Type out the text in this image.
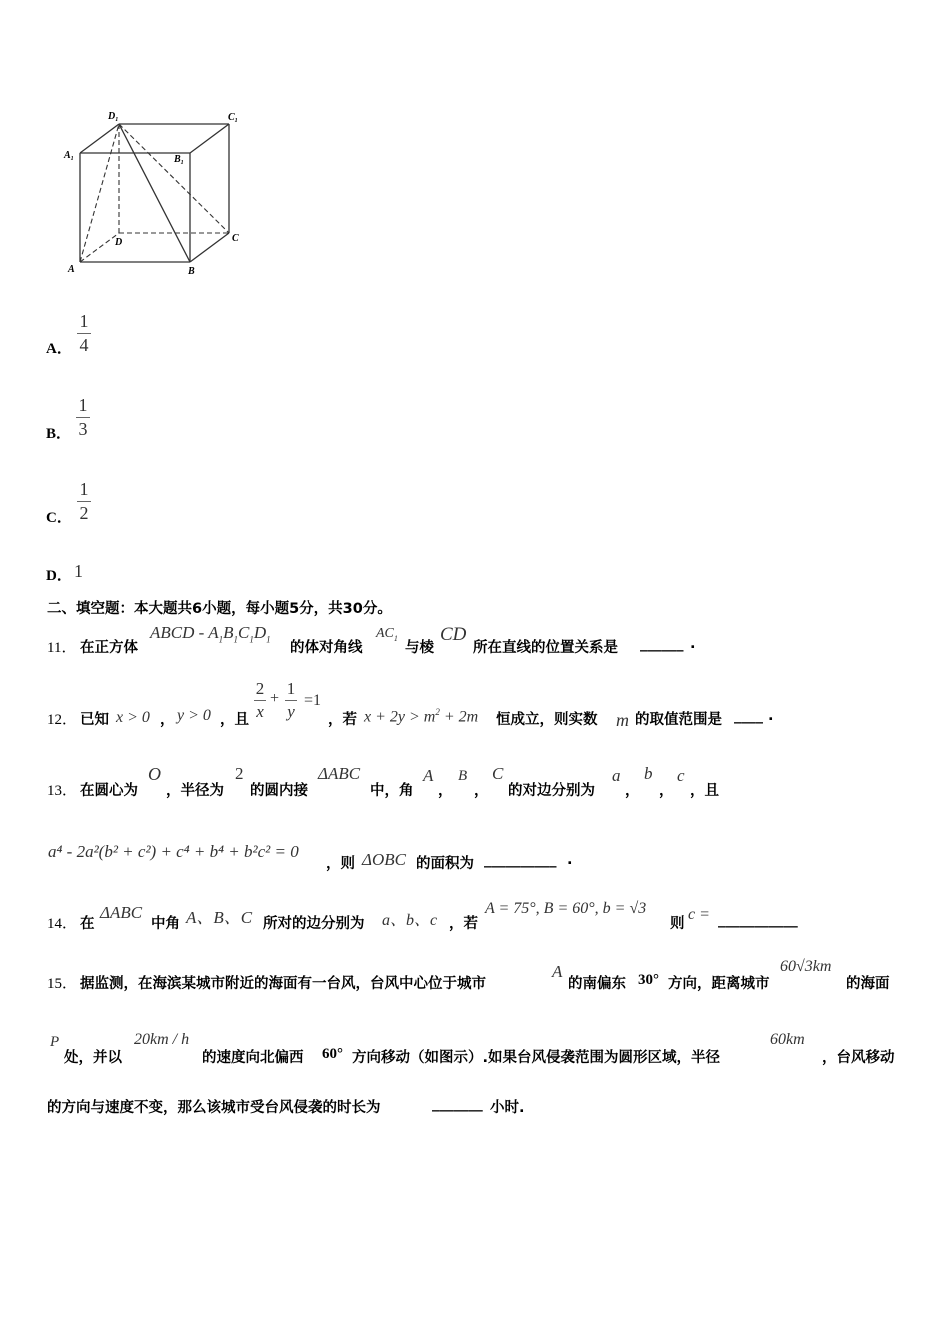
$D_1$	$C_1$
$A_1$	$B_1$
D	C
A	B
A．
1
4
B．
1
3
C．
1
2
D． 1
二、填空题：本大题共6小题，每小题5分，共30分。
11． 在正方体
ABCD - $A_1B_1C_1D_1$
的体对角线
$AC_1$
与棱
CD
所在直线的位置关系是 ______ .
12． 已知 x > 0 ， y > 0 ，且
2
x
+
1
y
=1
，若 $x + 2y > m^2 + 2m$ 恒成立，则实数 m 的取值范围是 ____ .
13． 在圆心为
O
，半径为
2
的圆内接
ΔABC
中，角
A
，
B
，
C
的对边分别为
a
，
b
，
c
，且
a⁴ - 2a²(b² + c²) + c⁴ + b⁴ + b²c² = 0
，则 ΔOBC 的面积为 __________ .
14． 在
ΔABC
中角 A、B、C 所对的边分别为 a、b、c ，若
A = 75°, B = 60°, b = √3
则
c = ___________
15． 据监测，在海滨某城市附近的海面有一台风，台风中心位于城市
A
的南偏东 30° 方向，距离城市
60√3km
的海面
P
处，并以
20km / h
的速度向北偏西 60° 方向移动（如图示）.如果台风侵袭范围为圆形区域，半径
60km
，台风移动
的方向与速度不变，那么该城市受台风侵袭的时长为	_______ 小时.
